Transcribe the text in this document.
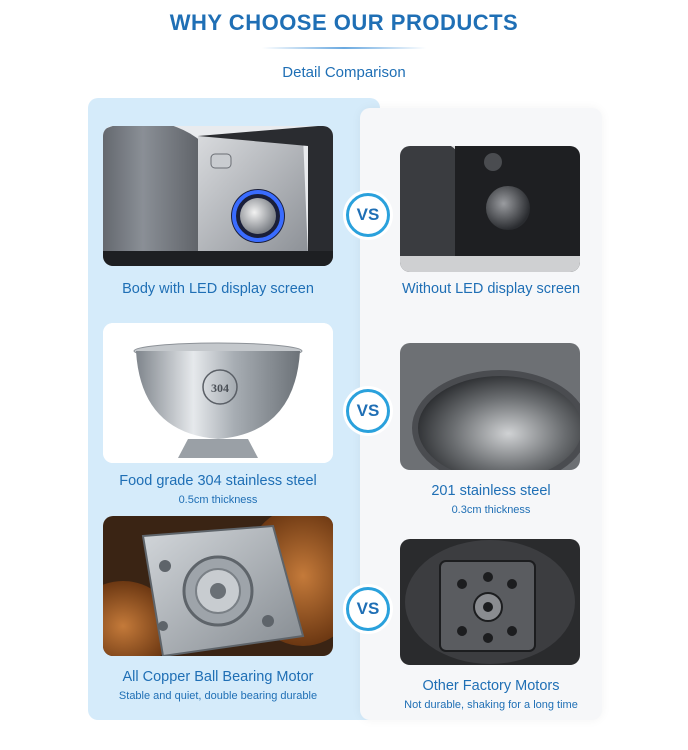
WHY CHOOSE OUR PRODUCTS
Detail Comparison
Body with LED display screen
VS
Without LED display screen
304
Food grade 304 stainless steel
0.5cm thickness
VS
201 stainless steel
0.3cm thickness
All Copper Ball Bearing Motor
Stable and quiet, double bearing durable
VS
Other Factory Motors
Not durable, shaking for a long time
